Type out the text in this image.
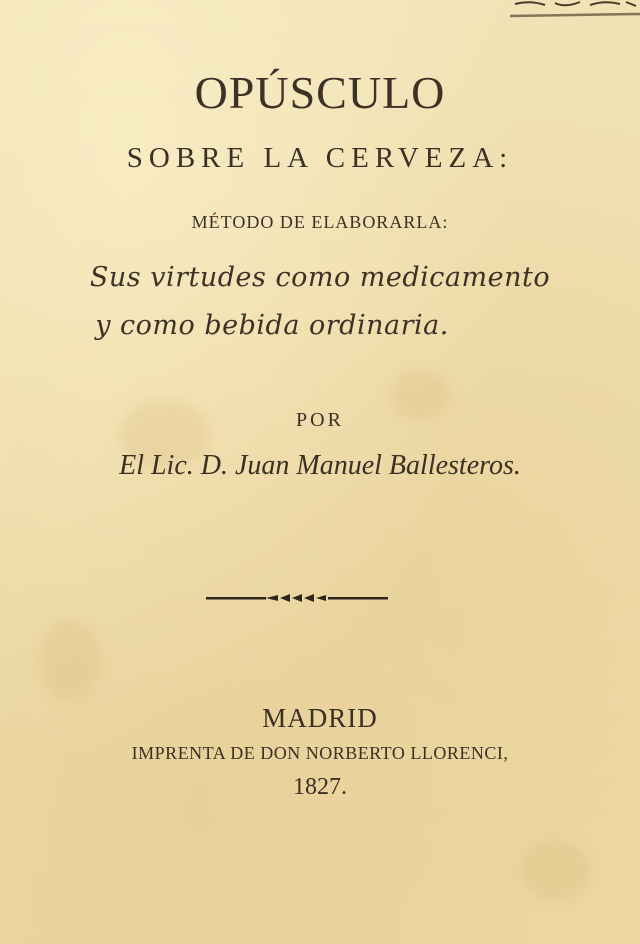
OPÚSCULO
SOBRE LA CERVEZA:
MÉTODO DE ELABORARLA:
Sus virtudes como medicamento
y como bebida ordinaria.
POR
El Lic. D. Juan Manuel Ballesteros.
MADRID
IMPRENTA DE DON NORBERTO LLORENCI,
1827.
